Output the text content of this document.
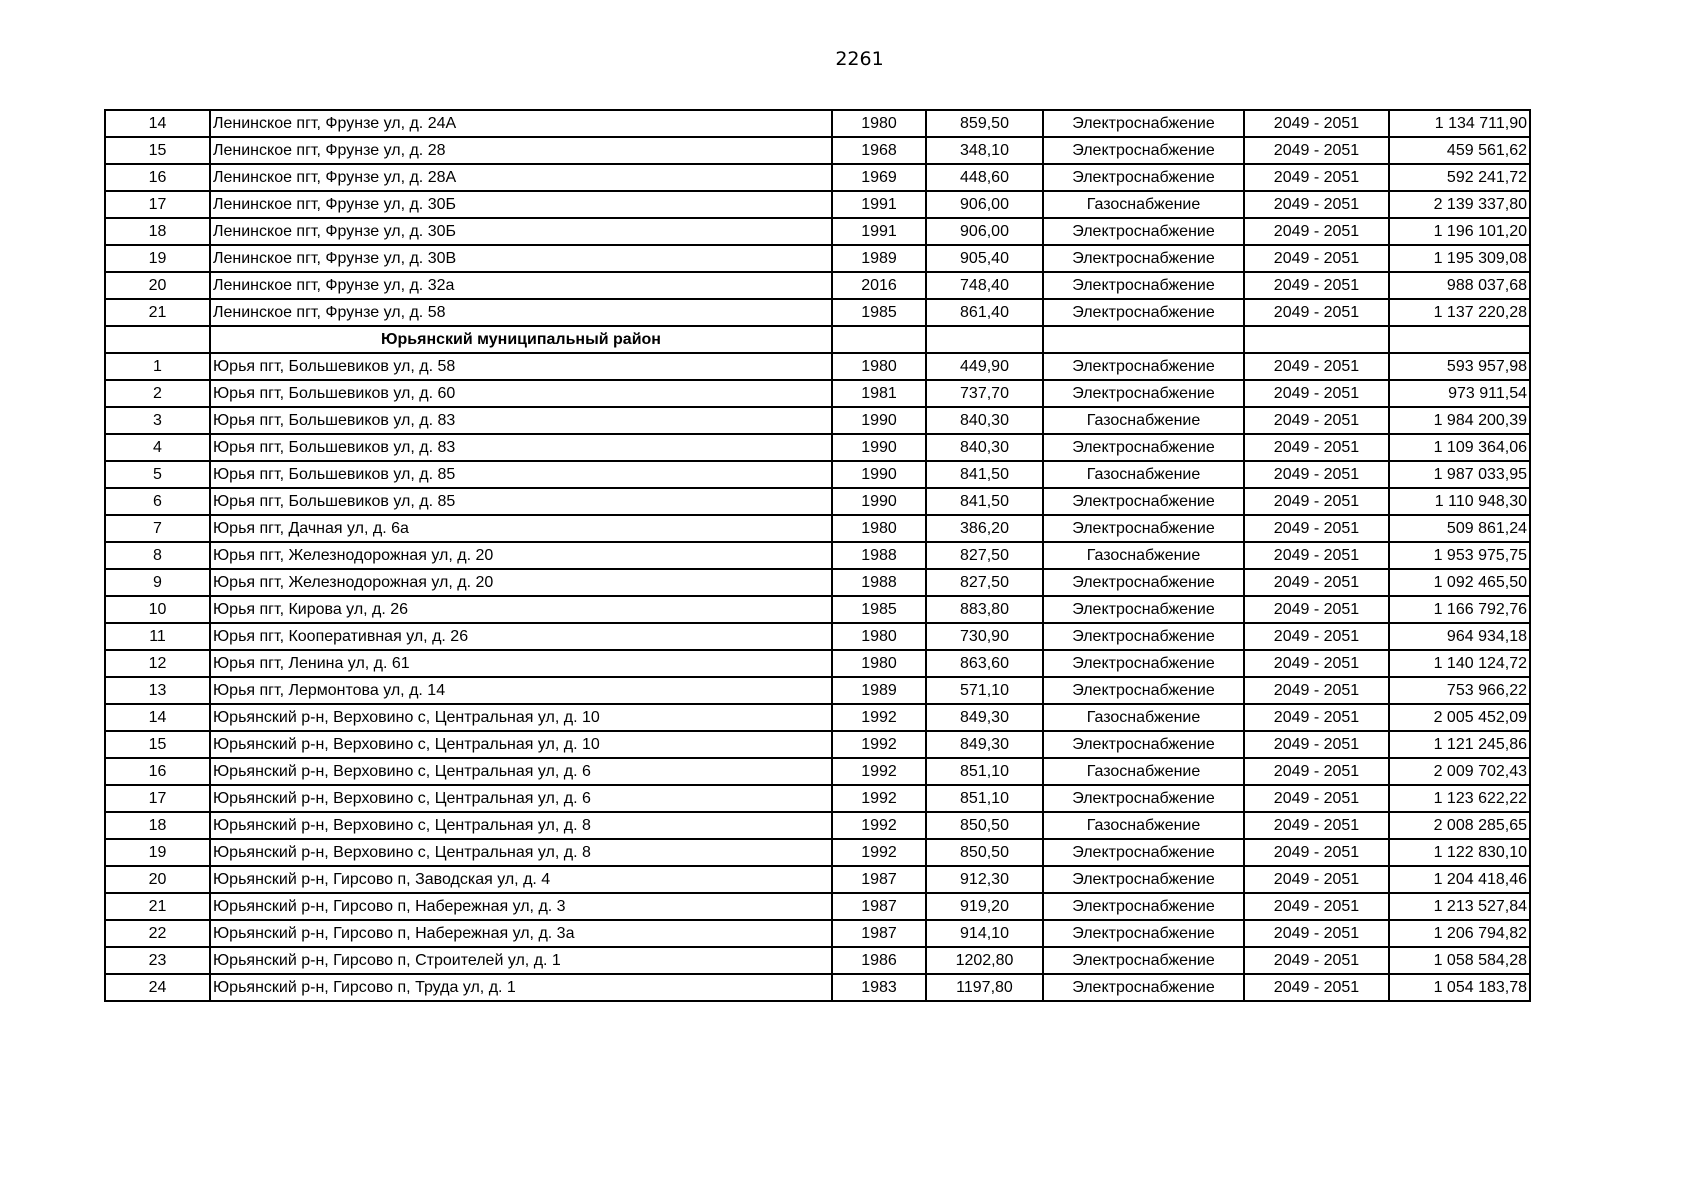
2261
14	Ленинское пгт, Фрунзе ул, д. 24А	1980	859,50	Электроснабжение	2049 - 2051	1 134 711,90
15	Ленинское пгт, Фрунзе ул, д. 28	1968	348,10	Электроснабжение	2049 - 2051	459 561,62
16	Ленинское пгт, Фрунзе ул, д. 28А	1969	448,60	Электроснабжение	2049 - 2051	592 241,72
17	Ленинское пгт, Фрунзе ул, д. 30Б	1991	906,00	Газоснабжение	2049 - 2051	2 139 337,80
18	Ленинское пгт, Фрунзе ул, д. 30Б	1991	906,00	Электроснабжение	2049 - 2051	1 196 101,20
19	Ленинское пгт, Фрунзе ул, д. 30В	1989	905,40	Электроснабжение	2049 - 2051	1 195 309,08
20	Ленинское пгт, Фрунзе ул, д. 32а	2016	748,40	Электроснабжение	2049 - 2051	988 037,68
21	Ленинское пгт, Фрунзе ул, д. 58	1985	861,40	Электроснабжение	2049 - 2051	1 137 220,28
	Юрьянский муниципальный район					
1	Юрья пгт, Большевиков ул, д. 58	1980	449,90	Электроснабжение	2049 - 2051	593 957,98
2	Юрья пгт, Большевиков ул, д. 60	1981	737,70	Электроснабжение	2049 - 2051	973 911,54
3	Юрья пгт, Большевиков ул, д. 83	1990	840,30	Газоснабжение	2049 - 2051	1 984 200,39
4	Юрья пгт, Большевиков ул, д. 83	1990	840,30	Электроснабжение	2049 - 2051	1 109 364,06
5	Юрья пгт, Большевиков ул, д. 85	1990	841,50	Газоснабжение	2049 - 2051	1 987 033,95
6	Юрья пгт, Большевиков ул, д. 85	1990	841,50	Электроснабжение	2049 - 2051	1 110 948,30
7	Юрья пгт, Дачная ул, д. 6а	1980	386,20	Электроснабжение	2049 - 2051	509 861,24
8	Юрья пгт, Железнодорожная ул, д. 20	1988	827,50	Газоснабжение	2049 - 2051	1 953 975,75
9	Юрья пгт, Железнодорожная ул, д. 20	1988	827,50	Электроснабжение	2049 - 2051	1 092 465,50
10	Юрья пгт, Кирова ул, д. 26	1985	883,80	Электроснабжение	2049 - 2051	1 166 792,76
11	Юрья пгт, Кооперативная ул, д. 26	1980	730,90	Электроснабжение	2049 - 2051	964 934,18
12	Юрья пгт, Ленина ул, д. 61	1980	863,60	Электроснабжение	2049 - 2051	1 140 124,72
13	Юрья пгт, Лермонтова ул, д. 14	1989	571,10	Электроснабжение	2049 - 2051	753 966,22
14	Юрьянский р-н, Верховино с, Центральная ул, д. 10	1992	849,30	Газоснабжение	2049 - 2051	2 005 452,09
15	Юрьянский р-н, Верховино с, Центральная ул, д. 10	1992	849,30	Электроснабжение	2049 - 2051	1 121 245,86
16	Юрьянский р-н, Верховино с, Центральная ул, д. 6	1992	851,10	Газоснабжение	2049 - 2051	2 009 702,43
17	Юрьянский р-н, Верховино с, Центральная ул, д. 6	1992	851,10	Электроснабжение	2049 - 2051	1 123 622,22
18	Юрьянский р-н, Верховино с, Центральная ул, д. 8	1992	850,50	Газоснабжение	2049 - 2051	2 008 285,65
19	Юрьянский р-н, Верховино с, Центральная ул, д. 8	1992	850,50	Электроснабжение	2049 - 2051	1 122 830,10
20	Юрьянский р-н, Гирсово п, Заводская ул, д. 4	1987	912,30	Электроснабжение	2049 - 2051	1 204 418,46
21	Юрьянский р-н, Гирсово п, Набережная ул, д. 3	1987	919,20	Электроснабжение	2049 - 2051	1 213 527,84
22	Юрьянский р-н, Гирсово п, Набережная ул, д. 3а	1987	914,10	Электроснабжение	2049 - 2051	1 206 794,82
23	Юрьянский р-н, Гирсово п, Строителей ул, д. 1	1986	1202,80	Электроснабжение	2049 - 2051	1 058 584,28
24	Юрьянский р-н, Гирсово п, Труда ул, д. 1	1983	1197,80	Электроснабжение	2049 - 2051	1 054 183,78
